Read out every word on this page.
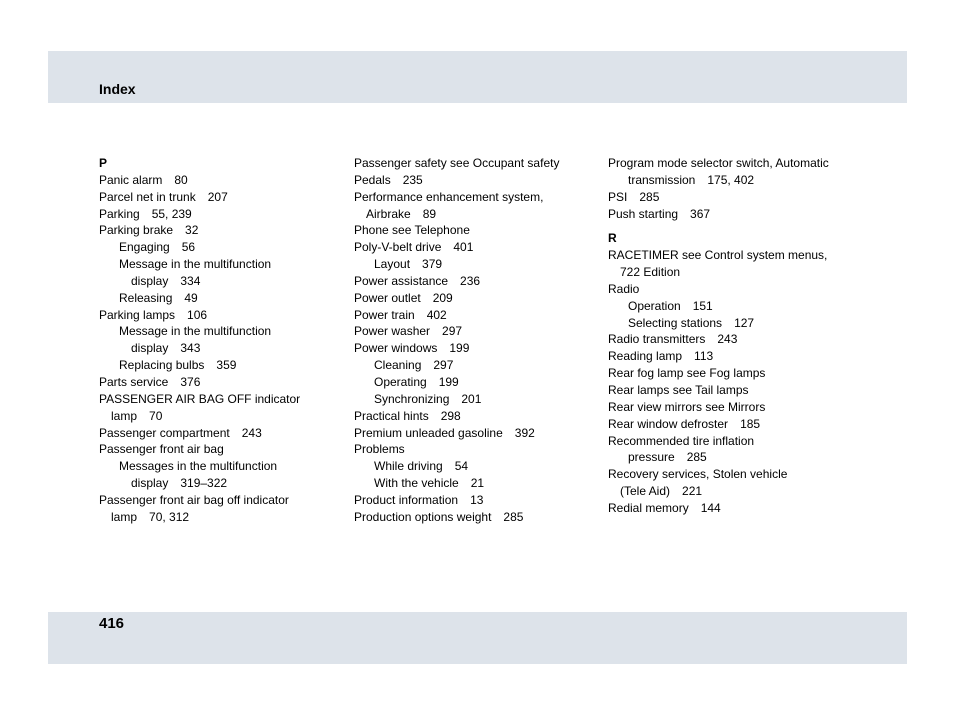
Index
P
Panic alarm 80
Parcel net in trunk 207
Parking 55, 239
Parking brake 32
Engaging 56
Message in the multifunction
display 334
Releasing 49
Parking lamps 106
Message in the multifunction
display 343
Replacing bulbs 359
Parts service 376
PASSENGER AIR BAG OFF indicator
lamp 70
Passenger compartment 243
Passenger front air bag
Messages in the multifunction
display 319–322
Passenger front air bag off indicator
lamp 70, 312
Passenger safety see Occupant safety
Pedals 235
Performance enhancement system,
Airbrake 89
Phone see Telephone
Poly-V-belt drive 401
Layout 379
Power assistance 236
Power outlet 209
Power train 402
Power washer 297
Power windows 199
Cleaning 297
Operating 199
Synchronizing 201
Practical hints 298
Premium unleaded gasoline 392
Problems
While driving 54
With the vehicle 21
Product information 13
Production options weight 285
Program mode selector switch, Automatic
transmission 175, 402
PSI 285
Push starting 367
R
RACETIMER see Control system menus,
722 Edition
Radio
Operation 151
Selecting stations 127
Radio transmitters 243
Reading lamp 113
Rear fog lamp see Fog lamps
Rear lamps see Tail lamps
Rear view mirrors see Mirrors
Rear window defroster 185
Recommended tire inflation
pressure 285
Recovery services, Stolen vehicle
(Tele Aid) 221
Redial memory 144
416
